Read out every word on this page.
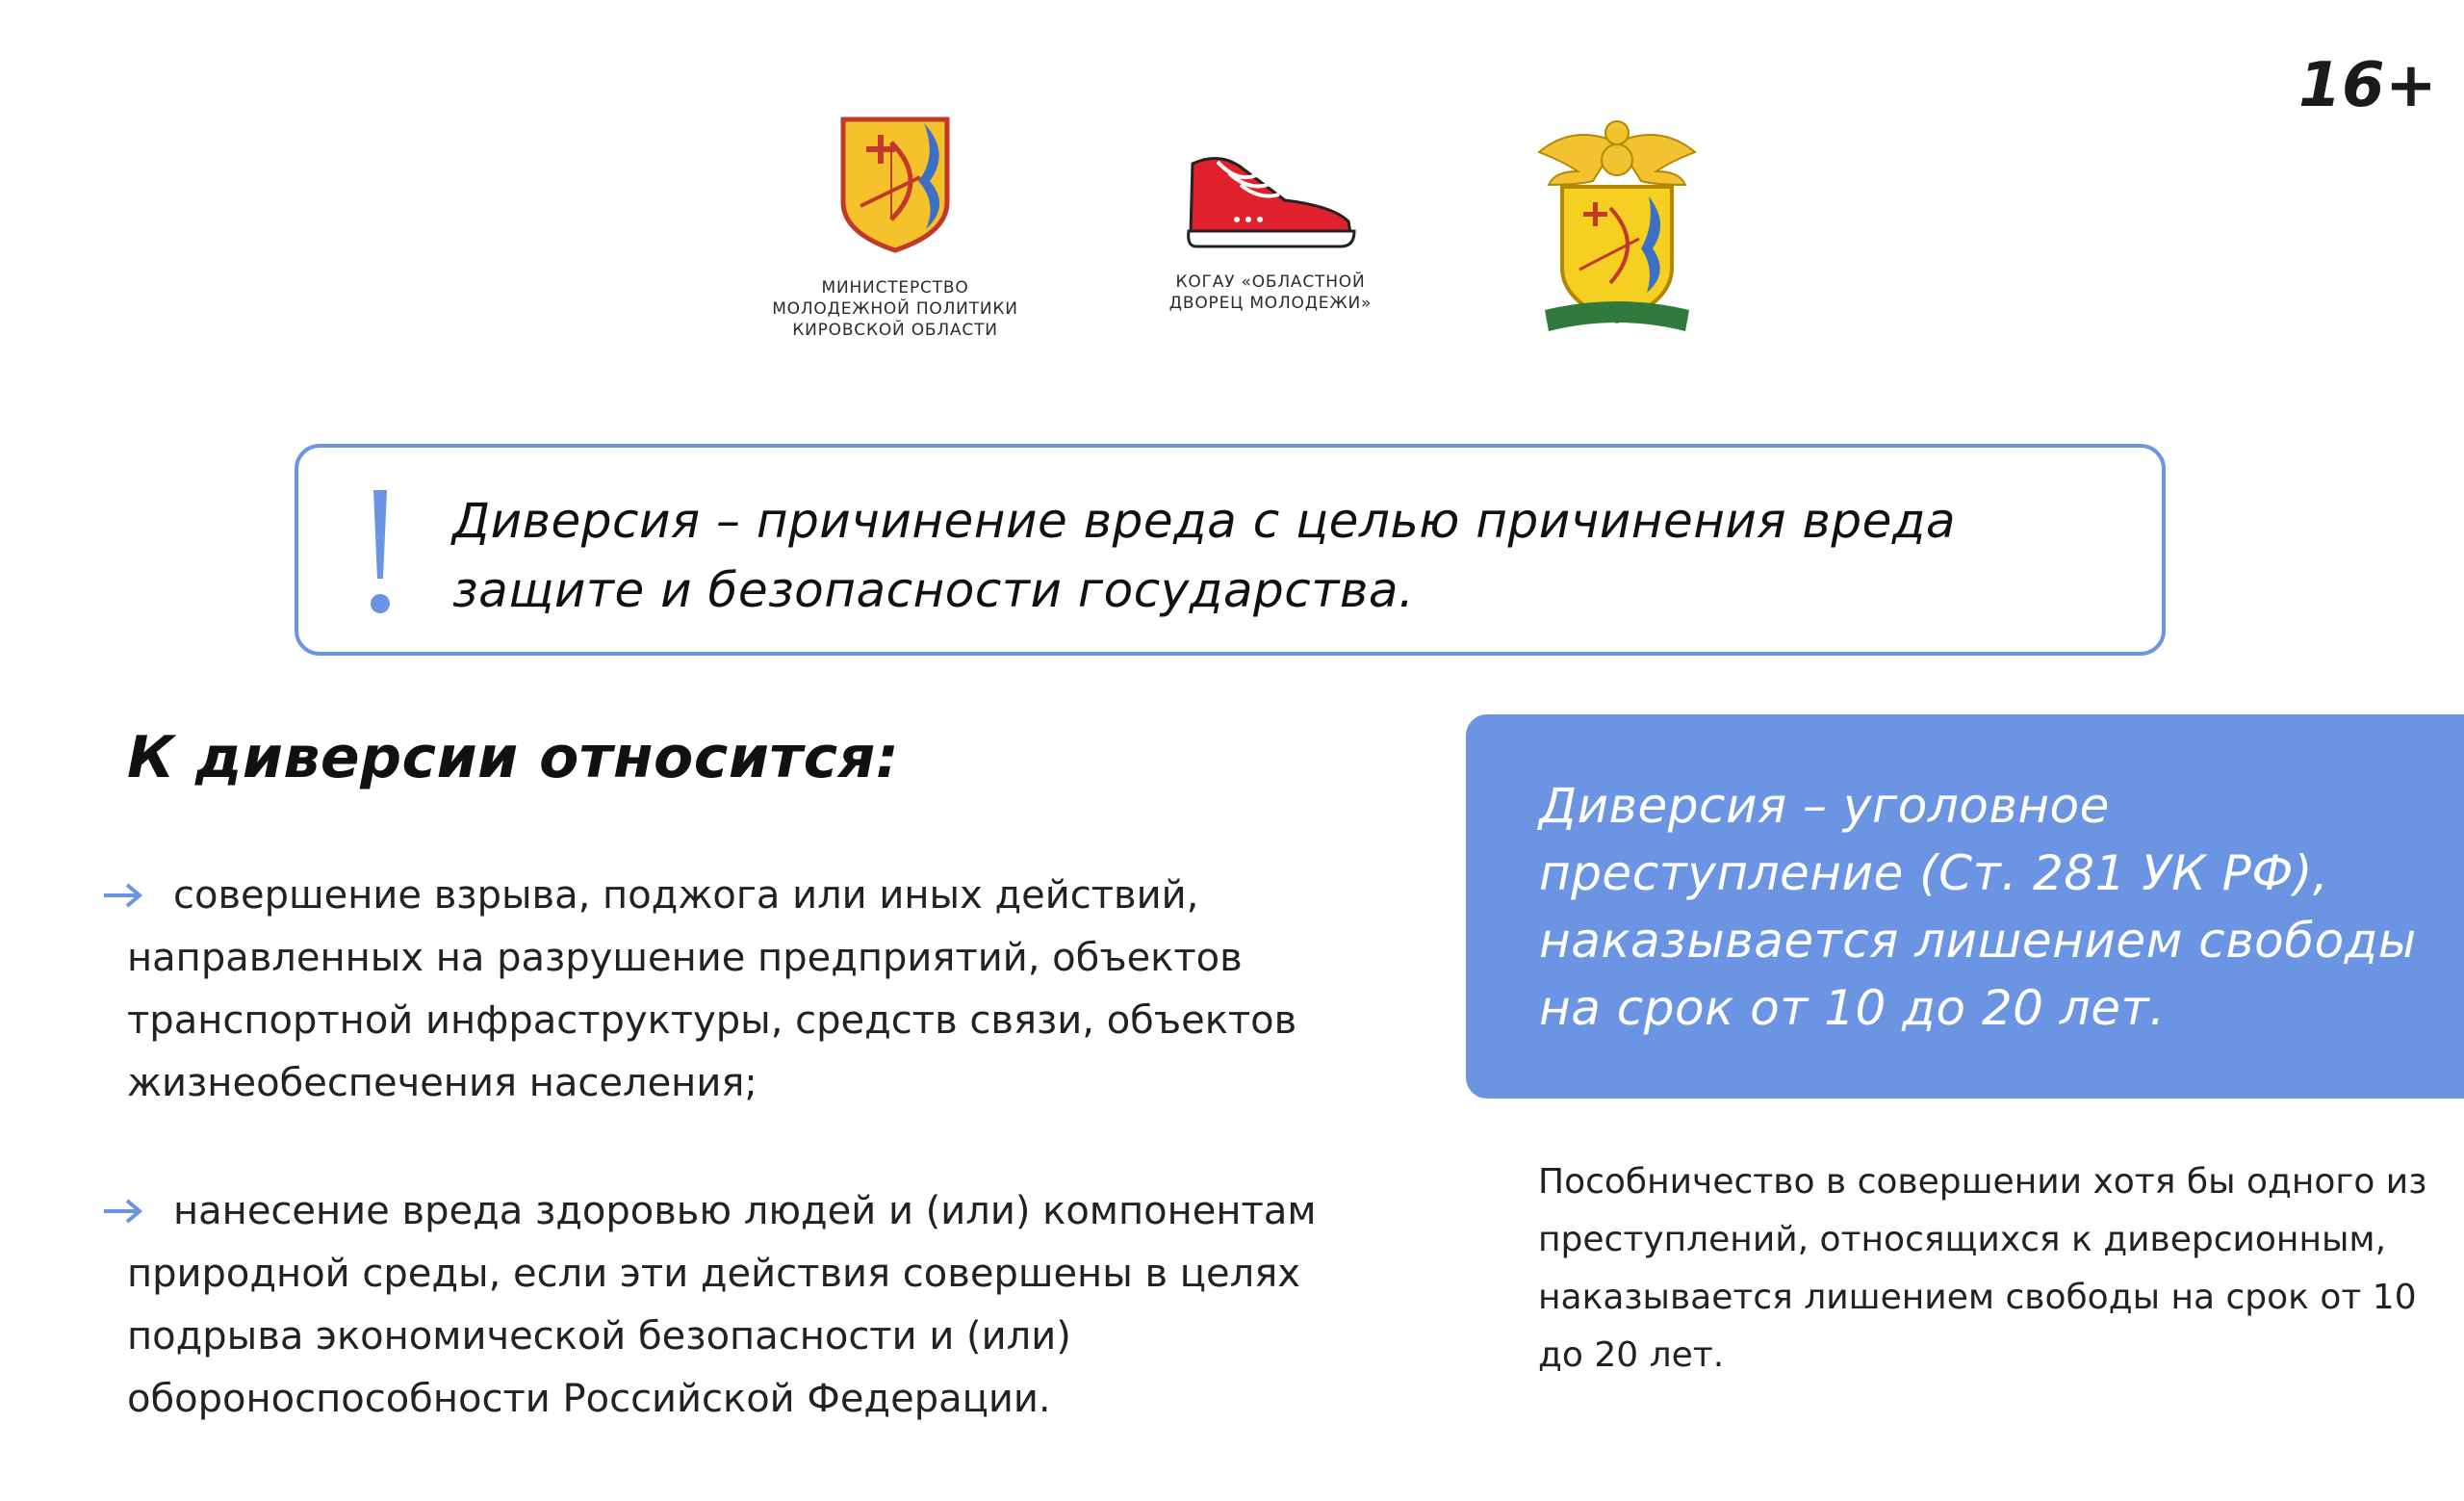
16+
МИНИСТЕРСТВО
МОЛОДЕЖНОЙ ПОЛИТИКИ
КИРОВСКОЙ ОБЛАСТИ
КОГАУ «ОБЛАСТНОЙ
ДВОРЕЦ МОЛОДЕЖИ»
Диверсия – причинение вреда с целью причинения вреда защите и безопасности государства.
К диверсии относится:
совершение взрыва, поджога или иных действий, направленных на разрушение предприятий, объектов транспортной инфраструктуры, средств связи, объектов жизнеобеспечения населения;
нанесение вреда здоровью людей и (или) компонентам природной среды, если эти действия совершены в целях подрыва экономической безопасности и (или) обороноспособности Российской Федерации.
Диверсия – уголовное преступление (Ст. 281 УК РФ), наказывается лишением свободы на срок от 10 до 20 лет.
Пособничество в совершении хотя бы одного из преступлений, относящихся к диверсионным, наказывается лишением свободы на срок от 10 до 20 лет.
